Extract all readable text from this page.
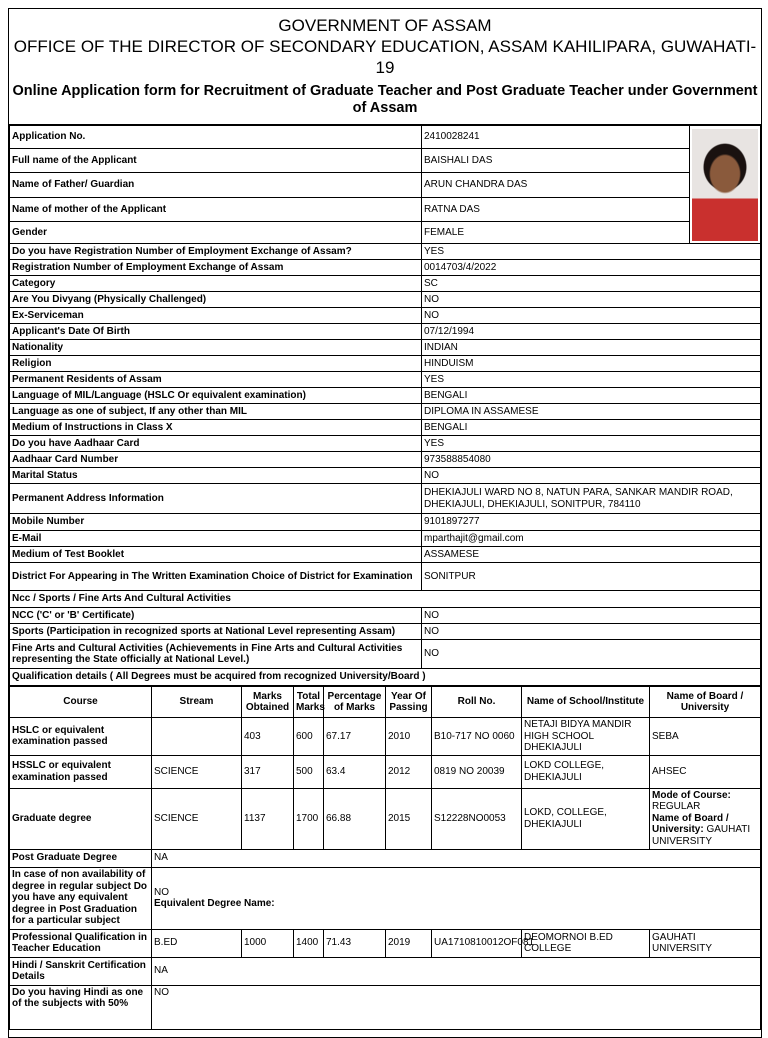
GOVERNMENT OF ASSAM
OFFICE OF THE DIRECTOR OF SECONDARY EDUCATION, ASSAM KAHILIPARA, GUWAHATI-19
Online Application form for Recruitment of Graduate Teacher and Post Graduate Teacher under Government of Assam
Application No.	2410028241	

Full name of the Applicant	BAISHALI DAS	
Name of Father/ Guardian	ARUN CHANDRA DAS	
Name of mother of the Applicant	RATNA DAS	
Gender	FEMALE	
Do you have Registration Number of Employment Exchange of Assam?	YES	
Registration Number of Employment Exchange of Assam	0014703/4/2022	
Category	SC	
Are You Divyang (Physically Challenged)	NO	
Ex-Serviceman	NO	
Applicant's Date Of Birth	07/12/1994	
Nationality	INDIAN	
Religion	HINDUISM	
Permanent Residents of Assam	YES	
Language of MIL/Language (HSLC Or equivalent examination)	BENGALI	
Language as one of subject, If any other than MIL	DIPLOMA IN ASSAMESE	
Medium of Instructions in Class X	BENGALI	
Do you have Aadhaar Card	YES	
Aadhaar Card Number	973588854080	
Marital Status	NO	
Permanent Address Information	DHEKIAJULI WARD NO 8, NATUN PARA, SANKAR MANDIR ROAD, DHEKIAJULI, DHEKIAJULI, SONITPUR, 784110	
Mobile Number	9101897277	
E-Mail	mparthajit@gmail.com	
Medium of Test Booklet	ASSAMESE	
District For Appearing in The Written Examination Choice of District for Examination	SONITPUR	
Ncc / Sports / Fine Arts And Cultural Activities		
NCC ('C' or 'B' Certificate)	NO	
Sports (Participation in recognized sports at National Level representing Assam)	NO	
Fine Arts and Cultural Activities (Achievements in Fine Arts and Cultural Activities representing the State officially at National Level.)	NO	
Qualification details ( All Degrees must be acquired from recognized University/Board )		
Course	Stream	Marks Obtained	Total Marks	Percentage of Marks	Year Of Passing	Roll No.	Name of School/Institute	Name of Board / University
HSLC or equivalent examination passed		403	600	67.17	2010	B10-717 NO 0060	NETAJI BIDYA MANDIR HIGH SCHOOL DHEKIAJULI	SEBA
HSSLC or equivalent examination passed	SCIENCE	317	500	63.4	2012	0819 NO 20039	LOKD COLLEGE, DHEKIAJULI	AHSEC
Graduate degree	SCIENCE	1137	1700	66.88	2015	S12228NO0053	LOKD, COLLEGE, DHEKIAJULI	Mode of Course:
REGULAR
Name of Board / University: GAUHATI UNIVERSITY
Post Graduate Degree	NA							
In case of non availability of degree in regular subject Do you have any equivalent degree in Post Graduation for a particular subject	NO
Equivalent Degree Name:							
Professional Qualification in Teacher Education	B.ED	1000	1400	71.43	2019	UA1710810012OF081	DEOMORNOI B.ED COLLEGE	GAUHATI UNIVERSITY
Hindi / Sanskrit Certification Details	NA							
Do you having Hindi as one of the subjects with 50%	NO							
